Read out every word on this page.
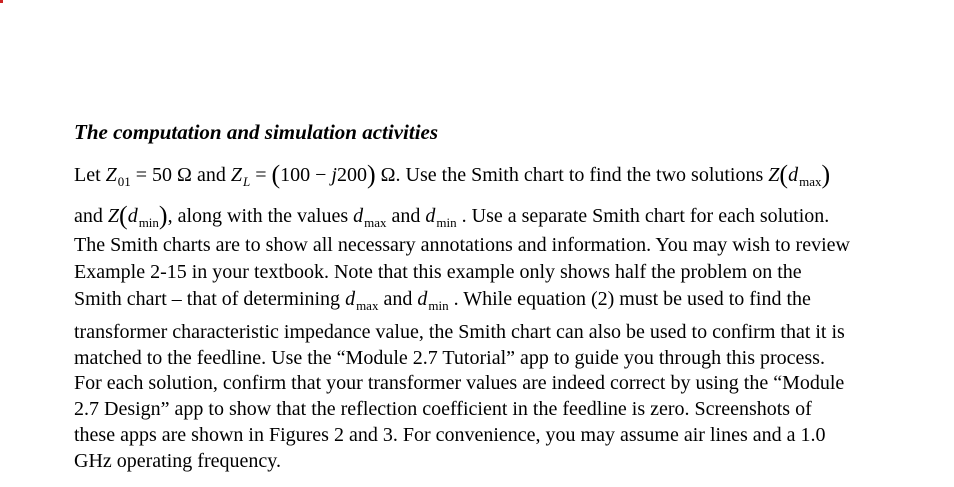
The computation and simulation activities
Let $Z_{01} = 50$ Ω and $Z_L = (100 - j200)$ Ω. Use the Smith chart to find the two solutions $Z(d_{max})$
and $Z(d_{min})$, along with the values $d_{max}$ and $d_{min}$ . Use a separate Smith chart for each solution.
The Smith charts are to show all necessary annotations and information. You may wish to review
Example 2-15 in your textbook. Note that this example only shows half the problem on the
Smith chart – that of determining $d_{max}$ and $d_{min}$ . While equation (2) must be used to find the
transformer characteristic impedance value, the Smith chart can also be used to confirm that it is
matched to the feedline. Use the “Module 2.7 Tutorial” app to guide you through this process.
For each solution, confirm that your transformer values are indeed correct by using the “Module
2.7 Design” app to show that the reflection coefficient in the feedline is zero. Screenshots of
these apps are shown in Figures 2 and 3. For convenience, you may assume air lines and a 1.0
GHz operating frequency.
